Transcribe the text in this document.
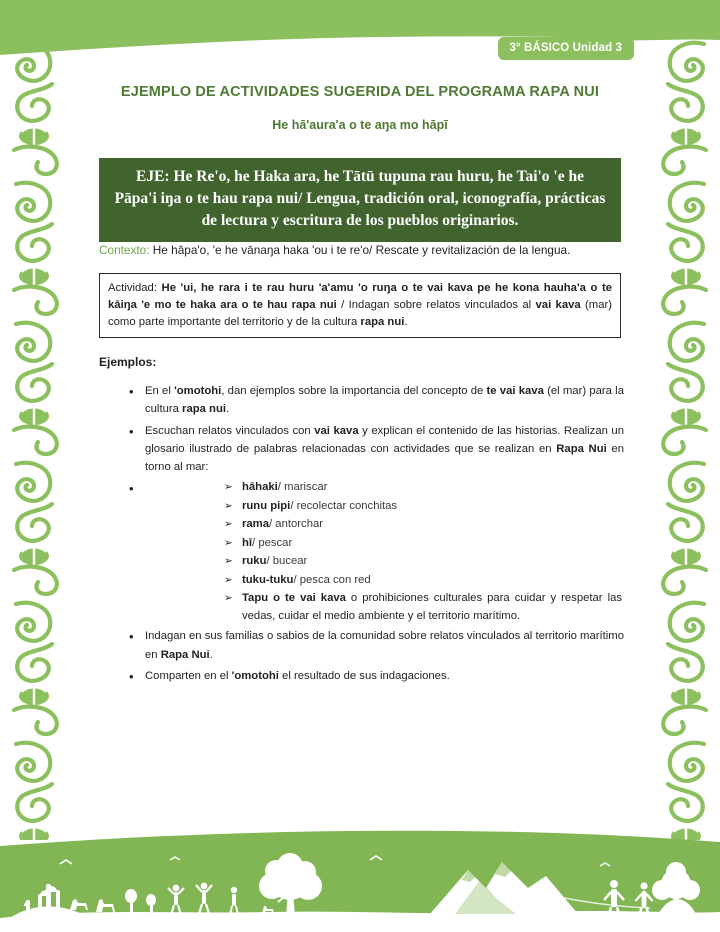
3° BÁSICO Unidad 3
EJEMPLO DE ACTIVIDADES SUGERIDA DEL PROGRAMA RAPA NUI
He hā'aura'a o te aŋa mo hāpī
EJE: He Re'o, he Haka ara, he Tātū tupuna rau huru, he Tai'o 'e he Pāpa'i iŋa o te hau rapa nui/ Lengua, tradición oral, iconografía, prácticas de lectura y escritura de los pueblos originarios.
Contexto: He hāpa'o, 'e he vānaŋa haka 'ou i te re'o/ Rescate y revitalización de la lengua.
Actividad: He 'ui, he rara i te rau huru 'a'amu 'o ruŋa o te vai kava pe he kona hauha'a o te kāiŋa 'e mo te haka ara o te hau rapa nui / Indagan sobre relatos vinculados al vai kava (mar) como parte importante del territorio y de la cultura rapa nui.
Ejemplos:
• En el 'omotohi, dan ejemplos sobre la importancia del concepto de te vai kava (el mar) para la cultura rapa nui.
• Escuchan relatos vinculados con vai kava y explican el contenido de las historias. Realizan un glosario ilustrado de palabras relacionadas con actividades que se realizan en Rapa Nui en torno al mar:
➢ • hāhaki/ mariscar
➢ runu pipi/ recolectar conchitas
➢ rama/ antorchar
➢ hī/ pescar
➢ ruku/ bucear
➢ tuku-tuku/ pesca con red
➢ Tapu o te vai kava o prohibiciones culturales para cuidar y respetar las vedas, cuidar el medio ambiente y el territorio marítimo.
• Indagan en sus familias o sabios de la comunidad sobre relatos vinculados al territorio marítimo en Rapa Nui.
• Comparten en el 'omotohi el resultado de sus indagaciones.
